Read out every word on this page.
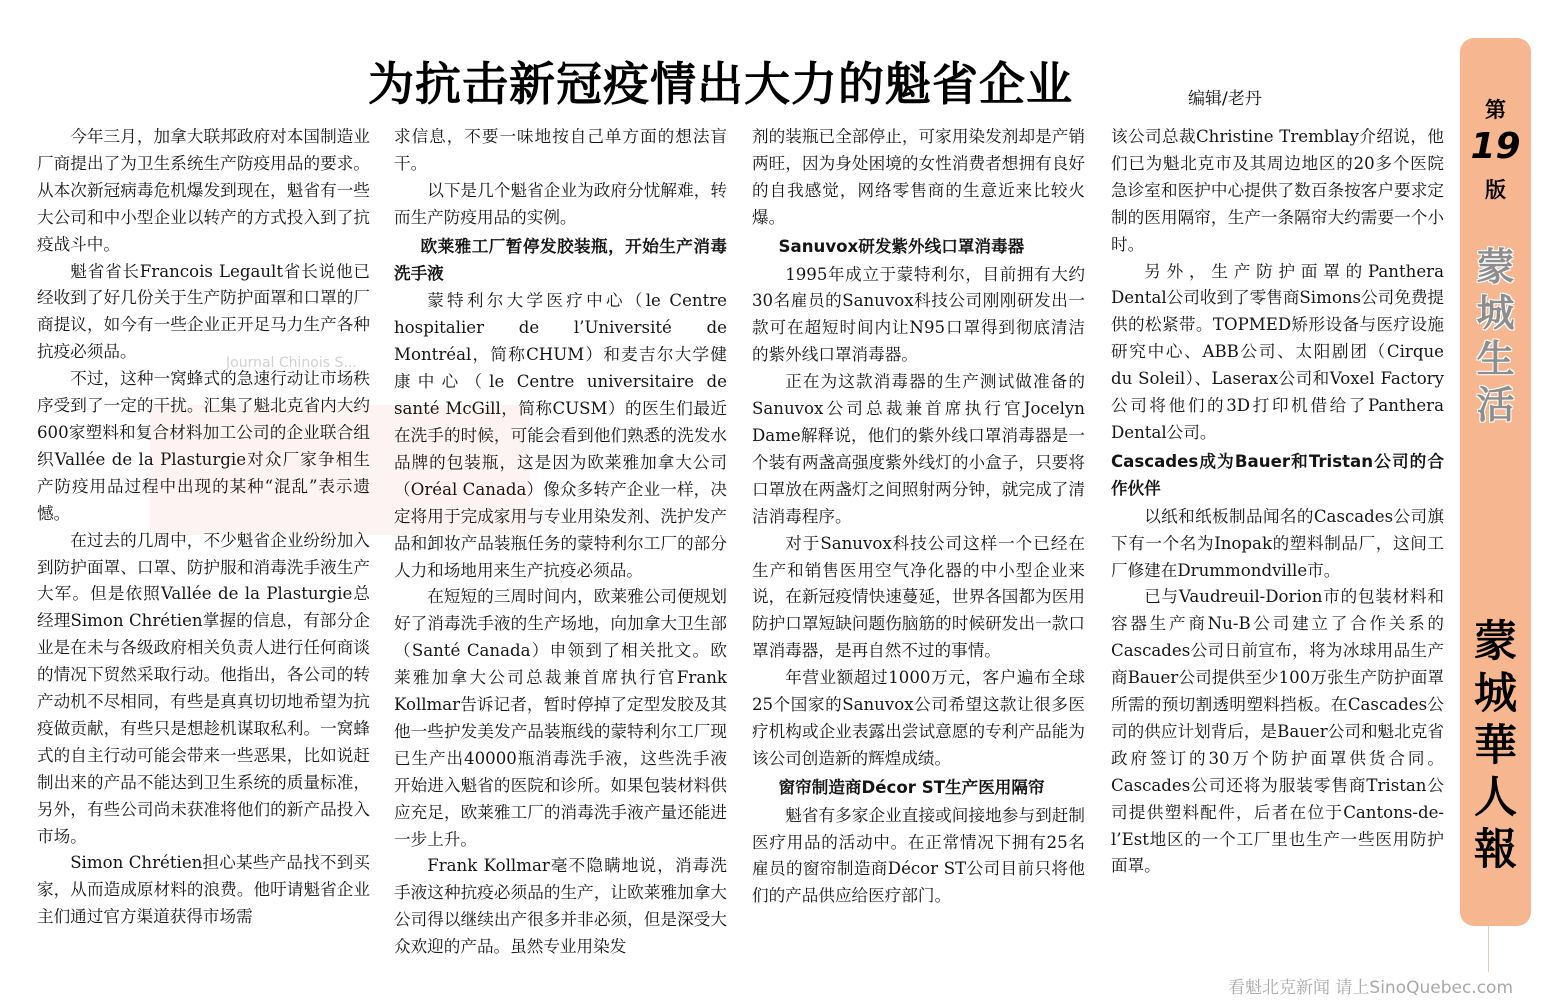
为抗击新冠疫情出大力的魁省企业	编辑/老丹
Journal Chinois S...

今年三月，加拿大联邦政府对本国制造业厂商提出了为卫生系统生产防疫用品的要求。从本次新冠病毒危机爆发到现在，魁省有一些大公司和中小型企业以转产的方式投入到了抗疫战斗中。

魁省省长Francois Legault省长说他已经收到了好几份关于生产防护面罩和口罩的厂商提议，如今有一些企业正开足马力生产各种抗疫必须品。

不过，这种一窝蜂式的急速行动让市场秩序受到了一定的干扰。汇集了魁北克省内大约600家塑料和复合材料加工公司的企业联合组织Vallée de la Plasturgie对众厂家争相生产防疫用品过程中出现的某种“混乱”表示遗憾。

在过去的几周中，不少魁省企业纷纷加入到防护面罩、口罩、防护服和消毒洗手液生产大军。但是依照Vallée de la Plasturgie总经理Simon Chrétien掌握的信息，有部分企业是在未与各级政府相关负责人进行任何商谈的情况下贸然采取行动。他指出，各公司的转产动机不尽相同，有些是真真切切地希望为抗疫做贡献，有些只是想趁机谋取私利。一窝蜂式的自主行动可能会带来一些恶果，比如说赶制出来的产品不能达到卫生系统的质量标准，另外，有些公司尚未获准将他们的新产品投入市场。

Simon Chrétien担心某些产品找不到买家，从而造成原材料的浪费。他吁请魁省企业主们通过官方渠道获得市场需

求信息，不要一味地按自己单方面的想法盲干。

以下是几个魁省企业为政府分忧解难，转而生产防疫用品的实例。

欧莱雅工厂暂停发胶装瓶，开始生产消毒洗手液

蒙特利尔大学医疗中心（le Centre hospitalier de l’Université de Montréal，简称CHUM）和麦吉尔大学健康中心（le Centre universitaire de santé McGill，简称CUSM）的医生们最近在洗手的时候，可能会看到他们熟悉的洗发水品牌的包装瓶，这是因为欧莱雅加拿大公司（Oréal Canada）像众多转产企业一样，决定将用于完成家用与专业用染发剂、洗护发产品和卸妆产品装瓶任务的蒙特利尔工厂的部分人力和场地用来生产抗疫必须品。

在短短的三周时间内，欧莱雅公司便规划好了消毒洗手液的生产场地，向加拿大卫生部（Santé Canada）申领到了相关批文。欧莱雅加拿大公司总裁兼首席执行官Frank Kollmar告诉记者，暂时停掉了定型发胶及其他一些护发美发产品装瓶线的蒙特利尔工厂现已生产出40000瓶消毒洗手液，这些洗手液开始进入魁省的医院和诊所。如果包装材料供应充足，欧莱雅工厂的消毒洗手液产量还能进一步上升。

Frank Kollmar毫不隐瞒地说，消毒洗手液这种抗疫必须品的生产，让欧莱雅加拿大公司得以继续出产很多并非必须，但是深受大众欢迎的产品。虽然专业用染发

剂的装瓶已全部停止，可家用染发剂却是产销两旺，因为身处困境的女性消费者想拥有良好的自我感觉，网络零售商的生意近来比较火爆。

Sanuvox研发紫外线口罩消毒器

1995年成立于蒙特利尔，目前拥有大约30名雇员的Sanuvox科技公司刚刚研发出一款可在超短时间内让N95口罩得到彻底清洁的紫外线口罩消毒器。

正在为这款消毒器的生产测试做准备的Sanuvox公司总裁兼首席执行官Jocelyn Dame解释说，他们的紫外线口罩消毒器是一个装有两盏高强度紫外线灯的小盒子，只要将口罩放在两盏灯之间照射两分钟，就完成了清洁消毒程序。

对于Sanuvox科技公司这样一个已经在生产和销售医用空气净化器的中小型企业来说，在新冠疫情快速蔓延，世界各国都为医用防护口罩短缺问题伤脑筋的时候研发出一款口罩消毒器，是再自然不过的事情。

年营业额超过1000万元，客户遍布全球25个国家的Sanuvox公司希望这款让很多医疗机构或企业表露出尝试意愿的专利产品能为该公司创造新的辉煌成绩。

窗帘制造商Décor ST生产医用隔帘

魁省有多家企业直接或间接地参与到赶制医疗用品的活动中。在正常情况下拥有25名雇员的窗帘制造商Décor ST公司目前只将他们的产品供应给医疗部门。

该公司总裁Christine Tremblay介绍说，他们已为魁北克市及其周边地区的20多个医院急诊室和医护中心提供了数百条按客户要求定制的医用隔帘，生产一条隔帘大约需要一个小时。

另外，生产防护面罩的Panthera Dental公司收到了零售商Simons公司免费提供的松紧带。TOPMED矫形设备与医疗设施研究中心、ABB公司、太阳剧团（Cirque du Soleil）、Laserax公司和Voxel Factory公司将他们的3D打印机借给了Panthera Dental公司。

Cascades成为Bauer和Tristan公司的合作伙伴

以纸和纸板制品闻名的Cascades公司旗下有一个名为Inopak的塑料制品厂，这间工厂修建在Drummondville市。

已与Vaudreuil-Dorion市的包装材料和容器生产商Nu-B公司建立了合作关系的Cascades公司日前宣布，将为冰球用品生产商Bauer公司提供至少100万张生产防护面罩所需的预切割透明塑料挡板。在Cascades公司的供应计划背后，是Bauer公司和魁北克省政府签订的30万个防护面罩供货合同。Cascades公司还将为服装零售商Tristan公司提供塑料配件，后者在位于Cantons-de-l’Est地区的一个工厂里也生产一些医用防护面罩。

第
19
版
蒙
城
生
活
蒙
城
華
人
報
看魁北克新闻 请上SinoQuebec.com
